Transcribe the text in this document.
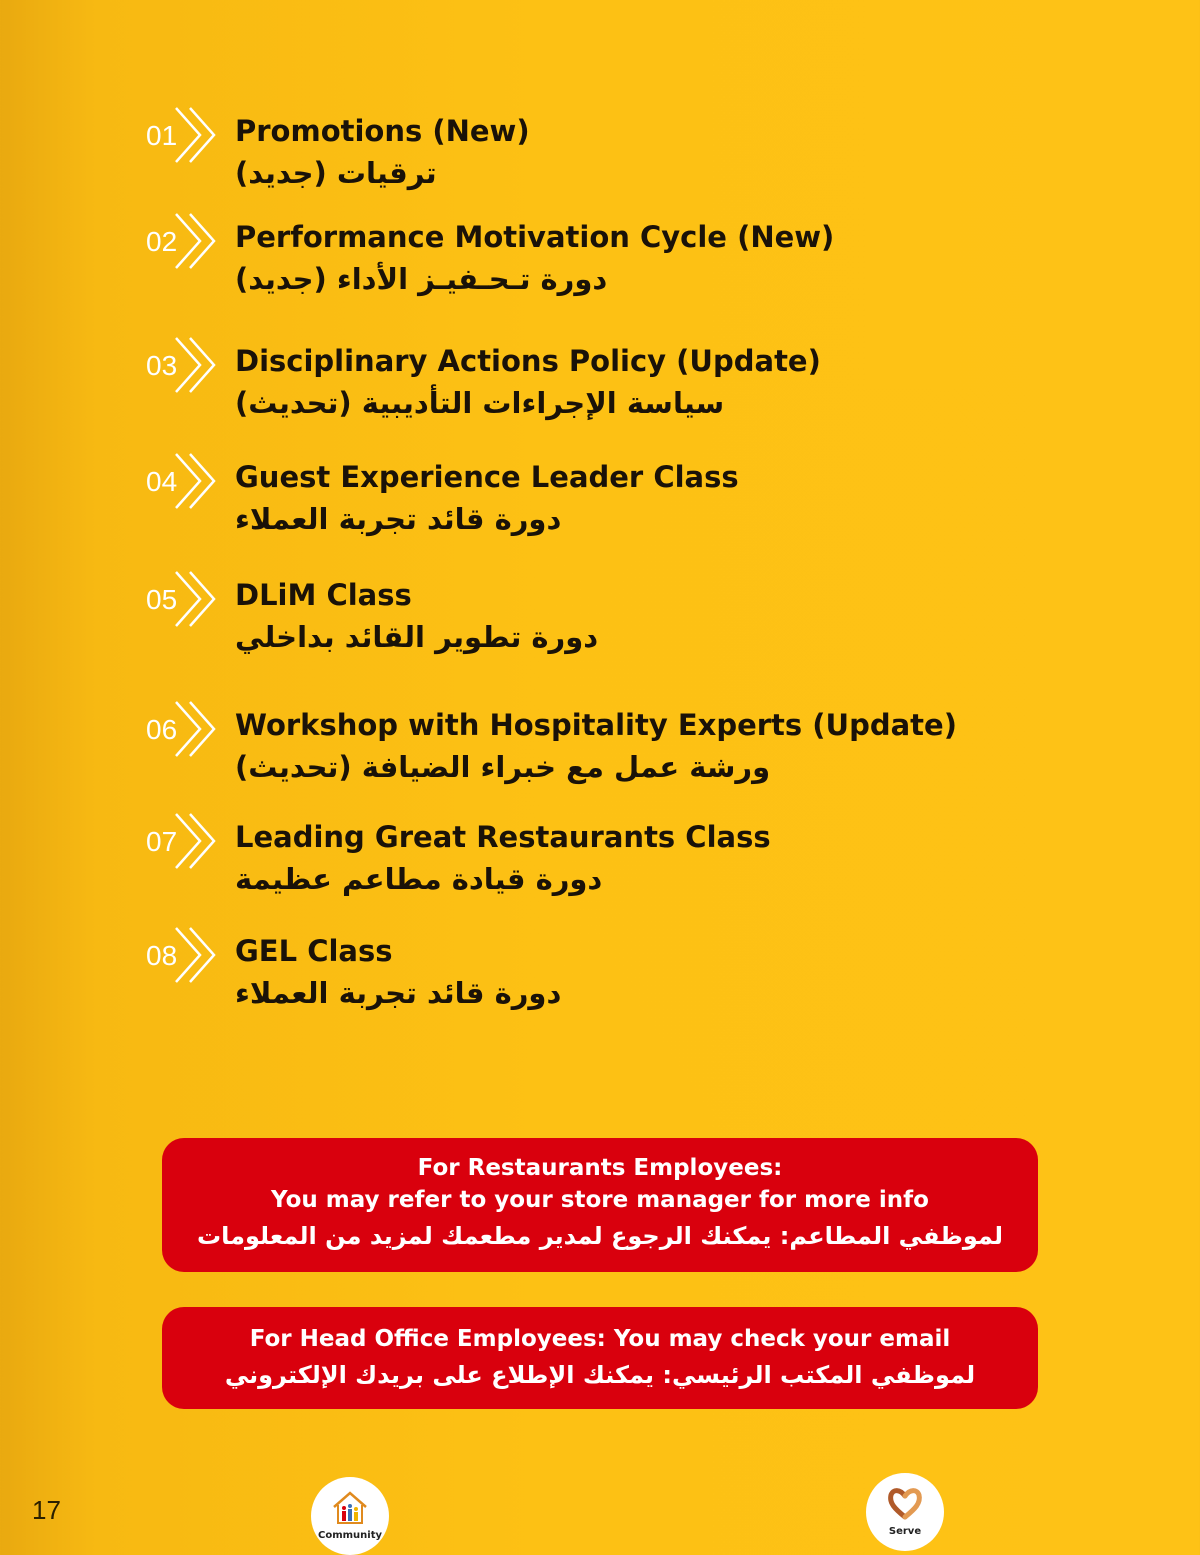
01 Promotions (New)
ترقيات (جديد)
02 Performance Motivation Cycle (New)
دورة تـحـفيـز الأداء (جديد)
03 Disciplinary Actions Policy (Update)
سياسة الإجراءات التأديبية (تحديث)
04 Guest Experience Leader Class
دورة قائد تجربة العملاء
05 DLiM Class
دورة تطوير القائد بداخلي
06 Workshop with Hospitality Experts (Update)
ورشة عمل مع خبراء الضيافة (تحديث)
07 Leading Great Restaurants Class
دورة قيادة مطاعم عظيمة
08 GEL Class
دورة قائد تجربة العملاء
For Restaurants Employees:
You may refer to your store manager for more info
لموظفي المطاعم: يمكنك الرجوع لمدير مطعمك لمزيد من المعلومات
For Head Office Employees: You may check your email
لموظفي المكتب الرئيسي: يمكنك الإطلاع على بريدك الإلكتروني
17
Community	Serve
